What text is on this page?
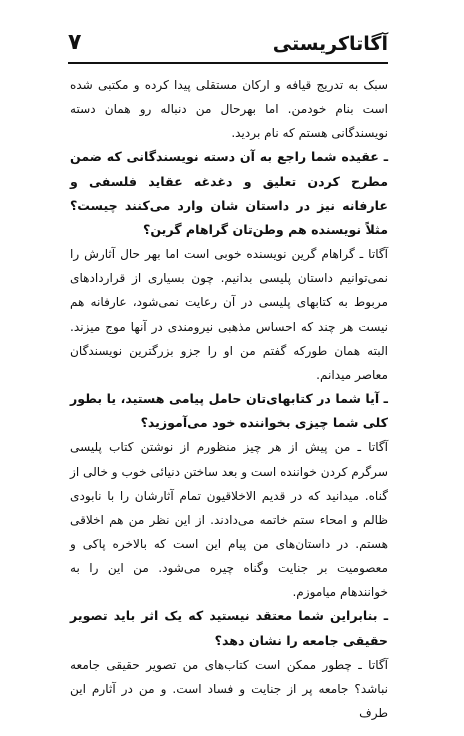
آگاتاکریستی
۷

سبک به تدریج قیافه و ارکان مستقلی پیدا کرده و مکتبی شده است بنام خودمن. اما بهرحال من دنباله رو همان دسته نویسندگانی هستم که نام بردید.

ـ عقیده شما راجع به آن دسته نویسندگانی که ضمن مطرح کردن تعلیق و دغدغه عقاید فلسفی و عارفانه نیز در داستان شان وارد می‌کنند چیست؟ مثلاً نویسنده هم وطن‌تان گراهام گرین؟

آگاتا ـ گراهام گرین نویسنده خوبی است اما بهر حال آثارش را نمی‌توانیم داستان پلیسی بدانیم. چون بسیاری از قراردادهای مربوط به کتابهای پلیسی در آن رعایت نمی‌شود، عارفانه هم نیست هر چند که احساس مذهبی نیرومندی در آنها موج میزند. البته همان طورکه گفتم من او را جزو بزرگترین نویسندگان معاصر میدانم.

ـ آیا شما در کتابهای‌تان حامل پیامی هستید، یا بطور کلی شما چیزی بخواننده خود می‌آموزید؟

آگاتا ـ من پیش از هر چیز منظورم از نوشتن کتاب پلیسی سرگرم کردن خواننده است و بعد ساختن دنیائی خوب و خالی از گناه. میدانید که در قدیم الاخلاقیون تمام آثارشان را با نابودی ظالم و امحاء ستم خاتمه می‌دادند. از این نظر من هم اخلاقی هستم. در داستان‌های من پیام این است که بالاخره پاکی و معصومیت بر جنایت وگناه چیره می‌شود. من این را به خوانندهام میاموزم.

ـ بنابراین شما معتقد نیستید که یک اثر باید تصویر حقیقی جامعه را نشان دهد؟

آگاتا ـ چطور ممکن است کتاب‌های من تصویر حقیقی جامعه نباشد؟ جامعه پر از جنایت و فساد است. و من در آثارم این طرف
